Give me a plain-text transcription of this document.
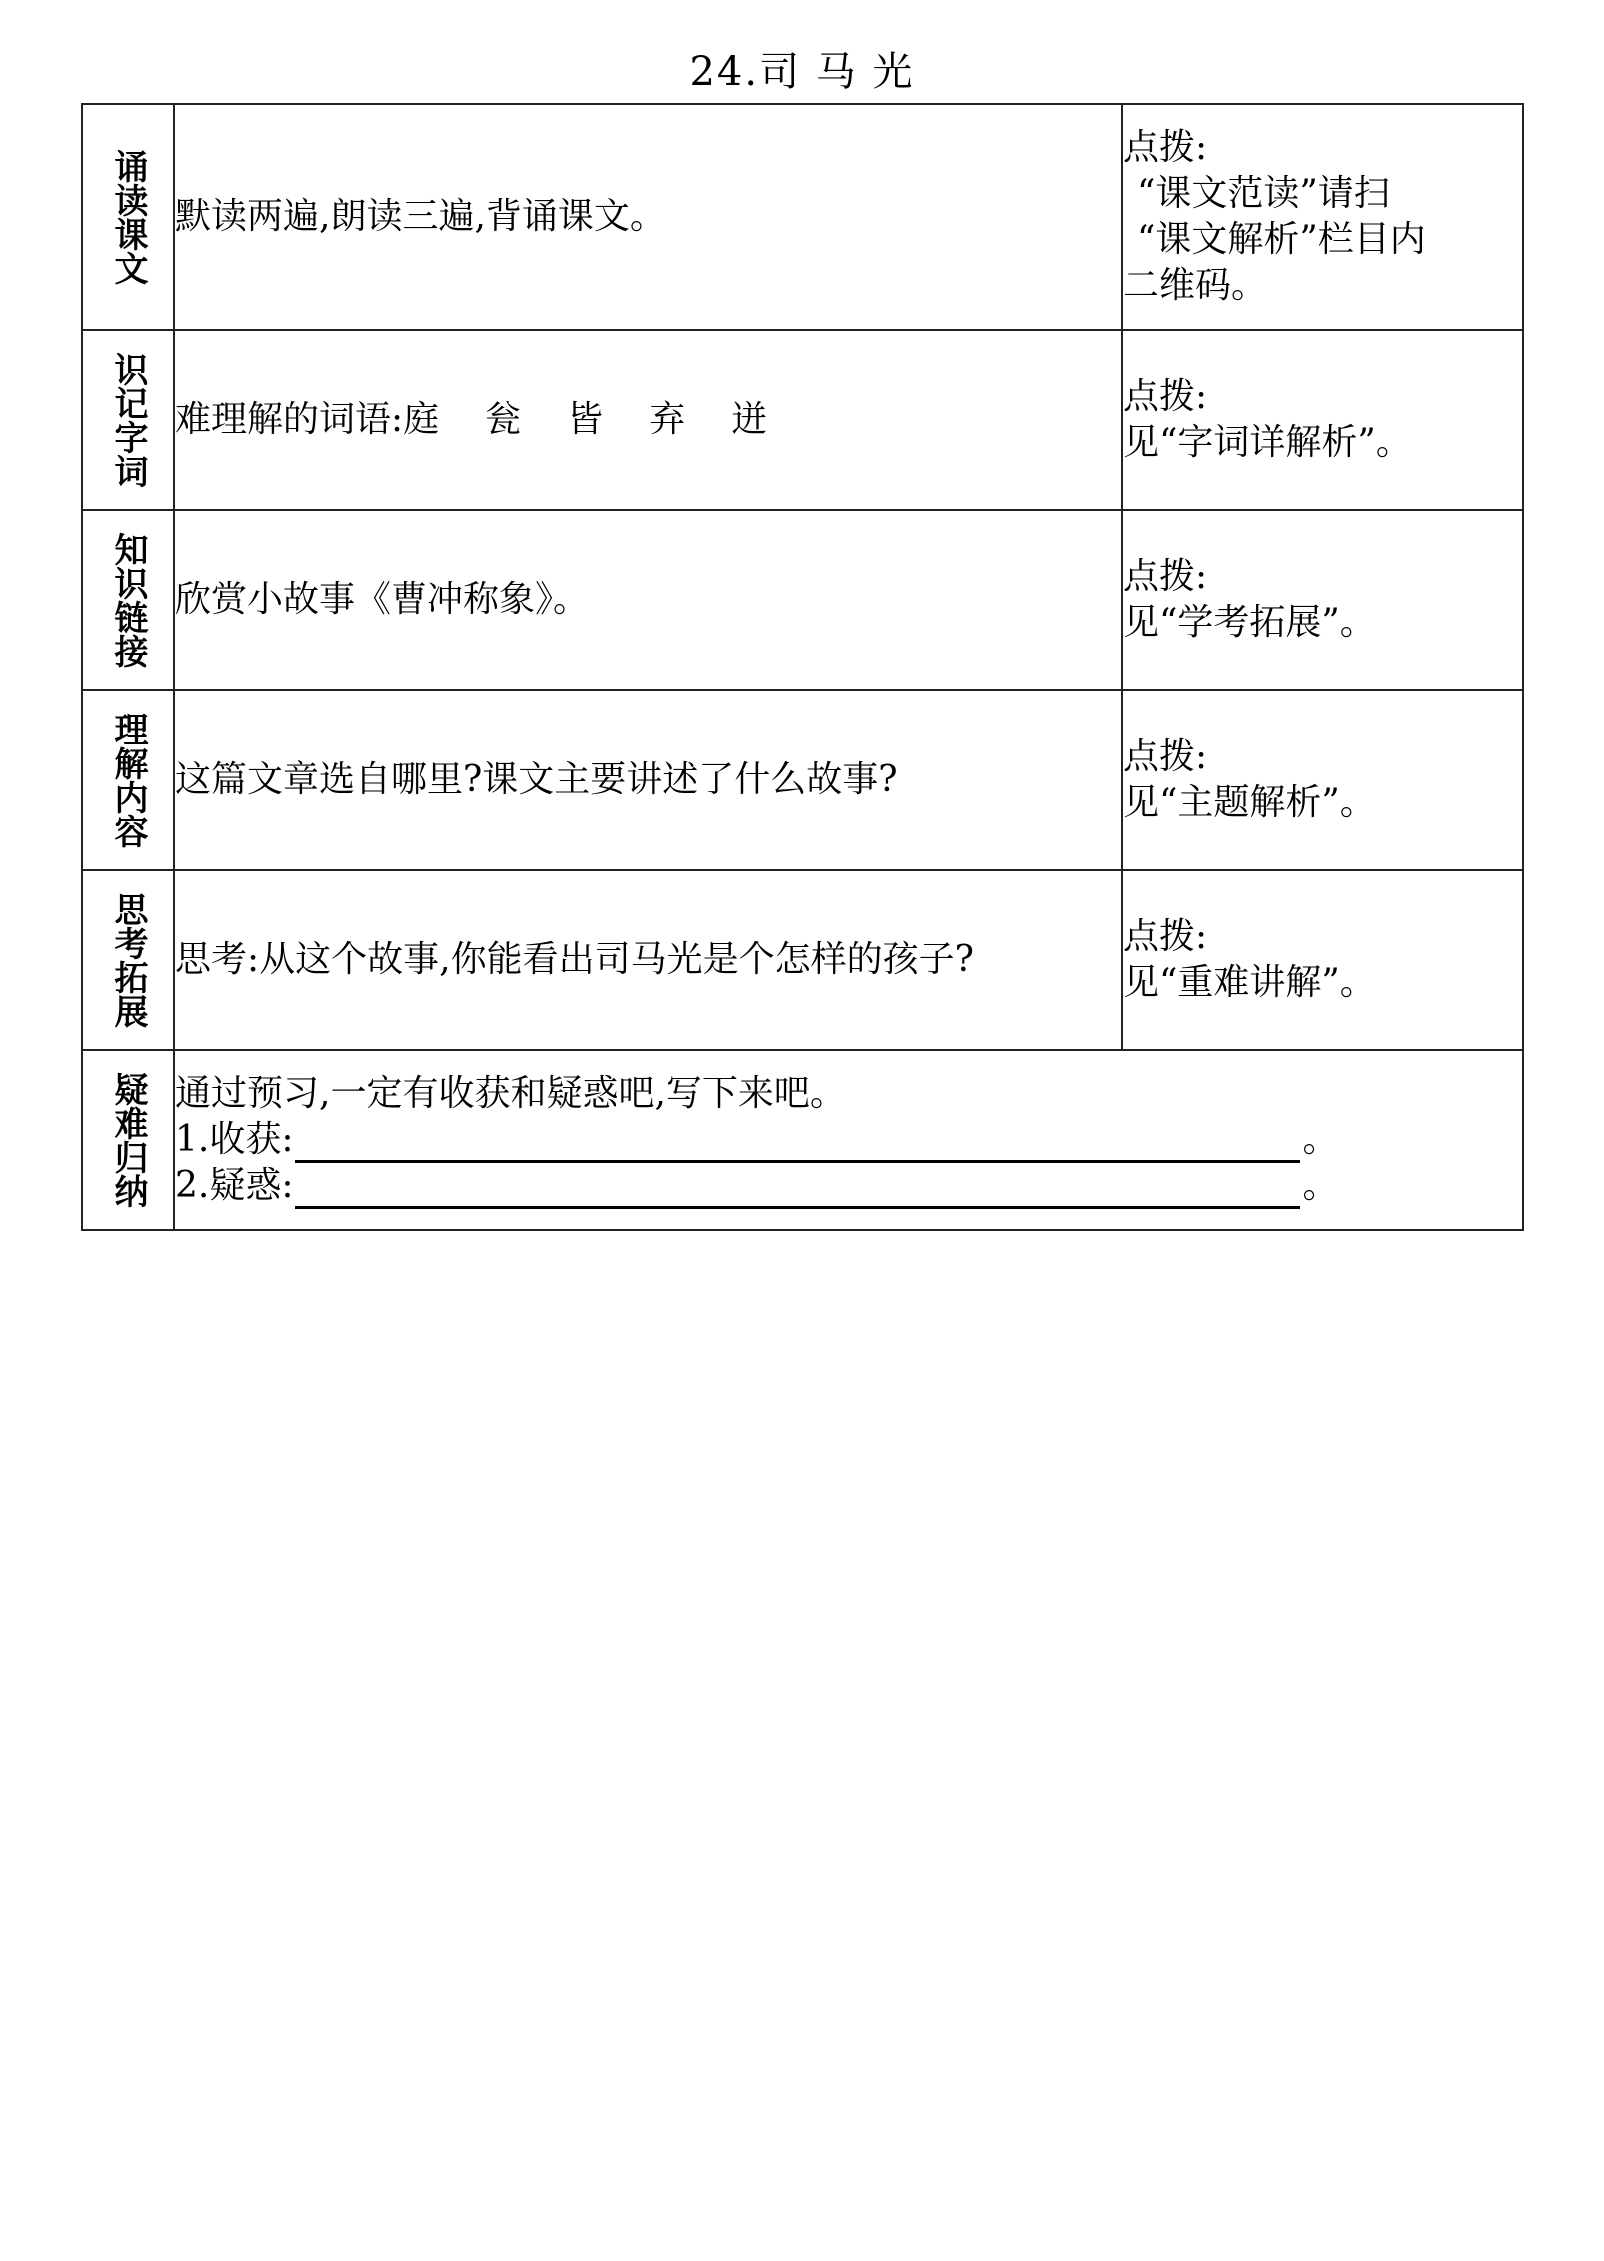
24.司 马 光
诵读课文	默读两遍,朗读三遍,背诵课文。	点拨:
“课文范读”请扫
“课文解析”栏目内
二维码。

识记字词	难理解的词语:庭 瓮 皆 弃 迸	点拨:
见“字词详解析”。

知识链接	欣赏小故事《曹冲称象》。	点拨:
见“学考拓展”。

理解内容	这篇文章选自哪里?课文主要讲述了什么故事?	点拨:
见“主题解析”。

思考拓展	思考:从这个故事,你能看出司马光是个怎样的孩子?	点拨:
见“重难讲解”。

疑难归纳	通过预习,一定有收获和疑惑吧,写下来吧。
1.收获: 。
2.疑惑: 。	
